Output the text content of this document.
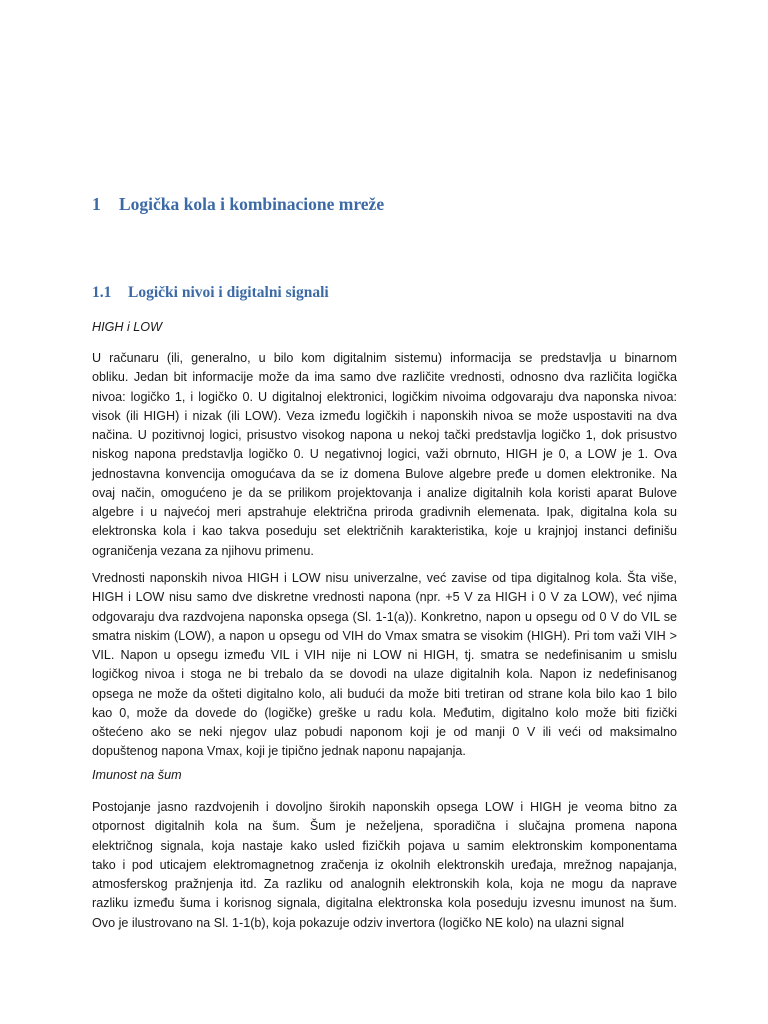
1 Logička kola i kombinacione mreže
1.1 Logički nivoi i digitalni signali
HIGH i LOW
U računaru (ili, generalno, u bilo kom digitalnim sistemu) informacija se predstavlja u binarnom
obliku. Jedan bit informacije može da ima samo dve različite vrednosti, odnosno dva različita logička
nivoa: logičko 1, i logičko 0. U digitalnoj elektronici, logičkim nivoima odgovaraju dva naponska nivoa:
visok (ili HIGH) i nizak (ili LOW). Veza između logičkih i naponskih nivoa se može uspostaviti na dva
načina. U pozitivnoj logici, prisustvo visokog napona u nekoj tački predstavlja logičko 1, dok prisustvo
niskog napona predstavlja logičko 0. U negativnoj logici, važi obrnuto, HIGH je 0, a LOW je 1. Ova
jednostavna konvencija omogućava da se iz domena Bulove algebre pređe u domen elektronike. Na
ovaj način, omogućeno je da se prilikom projektovanja i analize digitalnih kola koristi aparat Bulove
algebre i u najvećoj meri apstrahuje električna priroda gradivnih elemenata. Ipak, digitalna kola su
elektronska kola i kao takva poseduju set električnih karakteristika, koje u krajnjoj instanci definišu
ograničenja vezana za njihovu primenu.
Vrednosti naponskih nivoa HIGH i LOW nisu univerzalne, već zavise od tipa digitalnog kola. Šta više,
HIGH i LOW nisu samo dve diskretne vrednosti napona (npr. +5 V za HIGH i 0 V za LOW), već njima
odgovaraju dva razdvojena naponska opsega (Sl. 1-1(a)). Konkretno, napon u opsegu od 0 V do VIL se
smatra niskim (LOW), a napon u opsegu od VIH do Vmax smatra se visokim (HIGH). Pri tom važi VIH >
VIL. Napon u opsegu između VIL i VIH nije ni LOW ni HIGH, tj. smatra se nedefinisanim u smislu
logičkog nivoa i stoga ne bi trebalo da se dovodi na ulaze digitalnih kola. Napon iz nedefinisanog
opsega ne može da ošteti digitalno kolo, ali budući da može biti tretiran od strane kola bilo kao 1 bilo
kao 0, može da dovede do (logičke) greške u radu kola. Međutim, digitalno kolo može biti fizički
oštećeno ako se neki njegov ulaz pobudi naponom koji je od manji 0 V ili veći od maksimalno
dopuštenog napona Vmax, koji je tipično jednak naponu napajanja.
Imunost na šum
Postojanje jasno razdvojenih i dovoljno širokih naponskih opsega LOW i HIGH je veoma bitno za
otpornost digitalnih kola na šum. Šum je neželjena, sporadična i slučajna promena napona
električnog signala, koja nastaje kako usled fizičkih pojava u samim elektronskim komponentama
tako i pod uticajem elektromagnetnog zračenja iz okolnih elektronskih uređaja, mrežnog napajanja,
atmosferskog pražnjenja itd. Za razliku od analognih elektronskih kola, koja ne mogu da naprave
razliku između šuma i korisnog signala, digitalna elektronska kola poseduju izvesnu imunost na šum.
Ovo je ilustrovano na Sl. 1-1(b), koja pokazuje odziv invertora (logičko NE kolo) na ulazni signal
